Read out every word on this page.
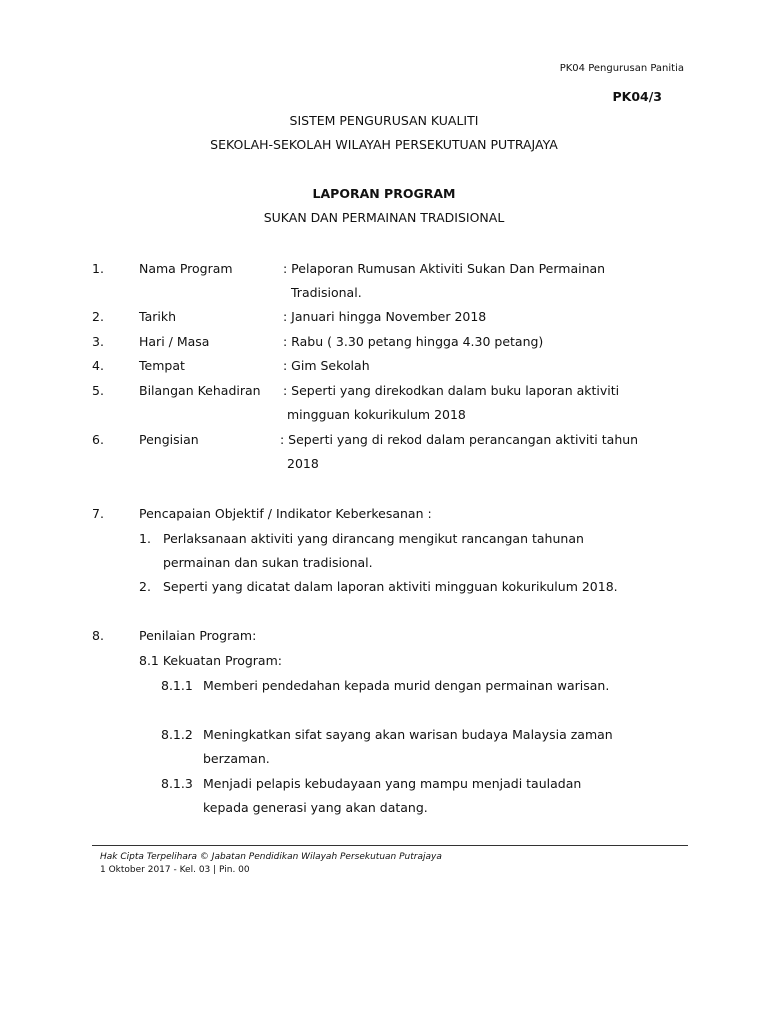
PK04 Pengurusan Panitia
PK04/3
SISTEM PENGURUSAN KUALITI
SEKOLAH-SEKOLAH WILAYAH PERSEKUTUAN PUTRAJAYA
LAPORAN PROGRAM
SUKAN DAN PERMAINAN TRADISIONAL
1.	Nama Program	: Pelaporan Rumusan Aktiviti Sukan Dan Permainan
Tradisional.
2.	Tarikh	: Januari hingga November 2018
3.	Hari / Masa	: Rabu ( 3.30 petang hingga 4.30 petang)
4.	Tempat	: Gim Sekolah
5.	Bilangan Kehadiran : Seperti yang direkodkan dalam buku laporan aktiviti
mingguan kokurikulum 2018
6.	Pengisian	: Seperti yang di rekod dalam perancangan aktiviti tahun
2018
7.	Pencapaian Objektif / Indikator Keberkesanan :
1. Perlaksanaan aktiviti yang dirancang mengikut rancangan tahunan
permainan dan sukan tradisional.
2. Seperti yang dicatat dalam laporan aktiviti mingguan kokurikulum 2018.
8.	Penilaian Program:
8.1 Kekuatan Program:
8.1.1 Memberi pendedahan kepada murid dengan permainan warisan.
8.1.2 Meningkatkan sifat sayang akan warisan budaya Malaysia zaman
berzaman.
8.1.3 Menjadi pelapis kebudayaan yang mampu menjadi tauladan
kepada generasi yang akan datang.
Hak Cipta Terpelihara © Jabatan Pendidikan Wilayah Persekutuan Putrajaya
1 Oktober 2017 - Kel. 03 | Pin. 00
